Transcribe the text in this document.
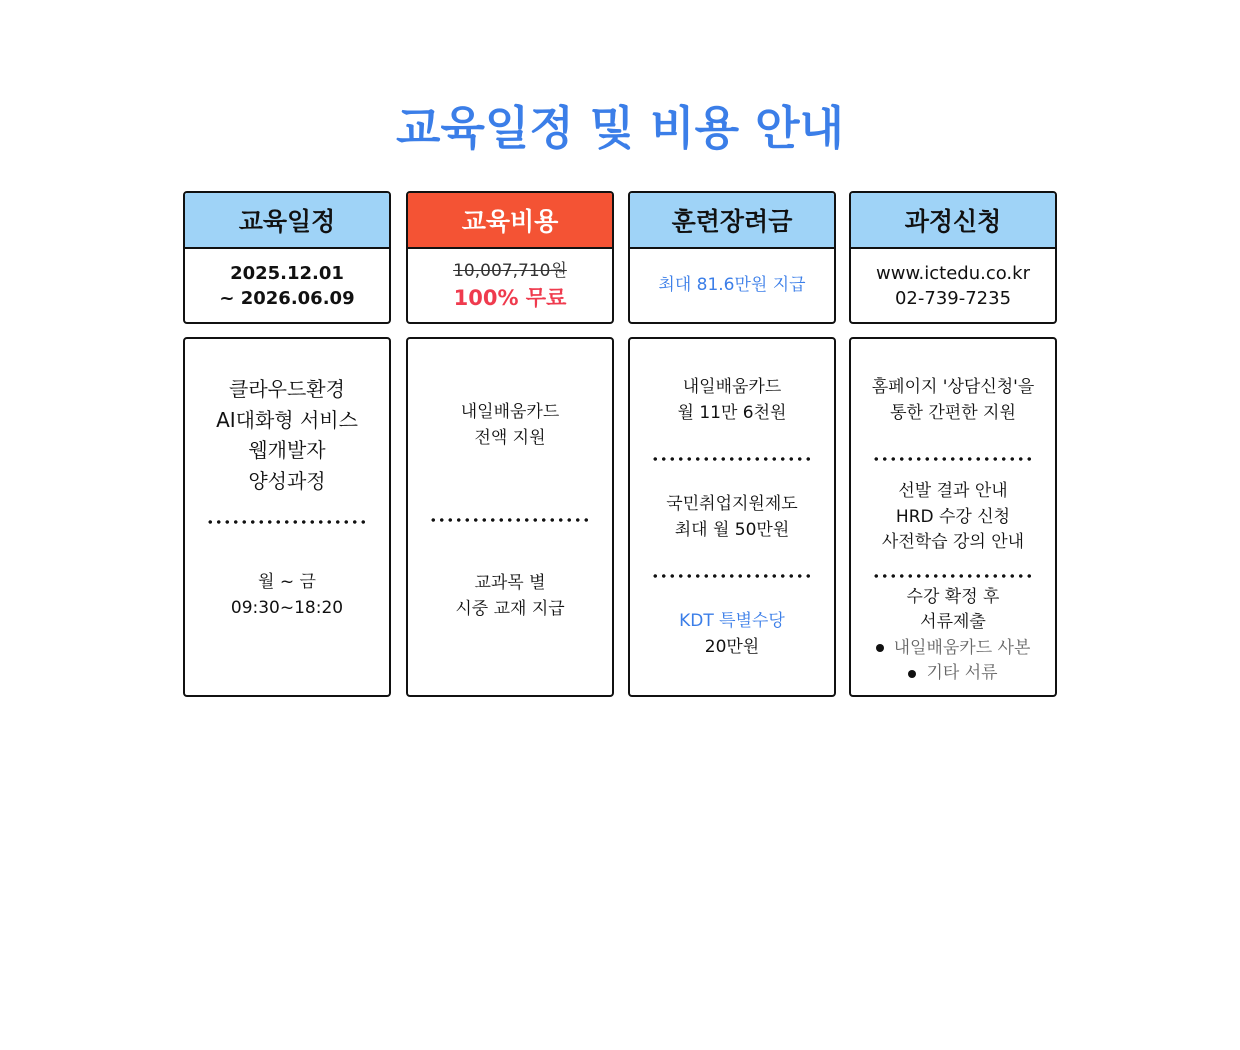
교육일정 및 비용 안내
교육일정
2025.12.01
~ 2026.06.09
클라우드환경
AI대화형 서비스
웹개발자
양성과정
월 ~ 금
09:30~18:20
교육비용
10,007,710원
100% 무료
내일배움카드
전액 지원
교과목 별
시중 교재 지급
훈련장려금
최대 81.6만원 지급
내일배움카드
월 11만 6천원
국민취업지원제도
최대 월 50만원
KDT 특별수당
20만원
과정신청
www.ictedu.co.kr
02-739-7235
홈페이지 '상담신청'을
통한 간편한 지원
선발 결과 안내
HRD 수강 신청
사전학습 강의 안내
수강 확정 후
서류제출
내일배움카드 사본
기타 서류
